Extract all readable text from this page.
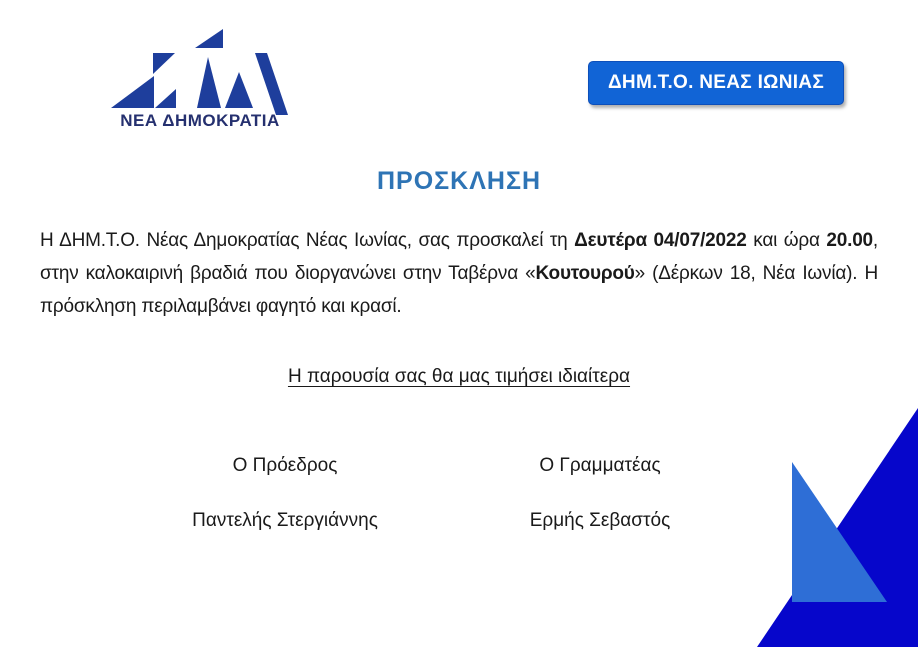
ΝΕΑ ΔΗΜΟΚΡΑΤΙΑ
ΔΗΜ.Τ.Ο. ΝΕΑΣ ΙΩΝΙΑΣ
ΠΡΟΣΚΛΗΣΗ
Η ΔΗΜ.Τ.Ο. Νέας Δημοκρατίας Νέας Ιωνίας, σας προσκαλεί τη Δευτέρα 04/07/2022 και ώρα 20.00, στην καλοκαιρινή βραδιά που διοργανώνει στην Ταβέρνα «Κουτουρού» (Δέρκων 18, Νέα Ιωνία). Η πρόσκληση περιλαμβάνει φαγητό και κρασί.
Η παρουσία σας θα μας τιμήσει ιδιαίτερα
Ο Πρόεδρος
Παντελής Στεργιάννης
Ο Γραμματέας
Ερμής Σεβαστός
